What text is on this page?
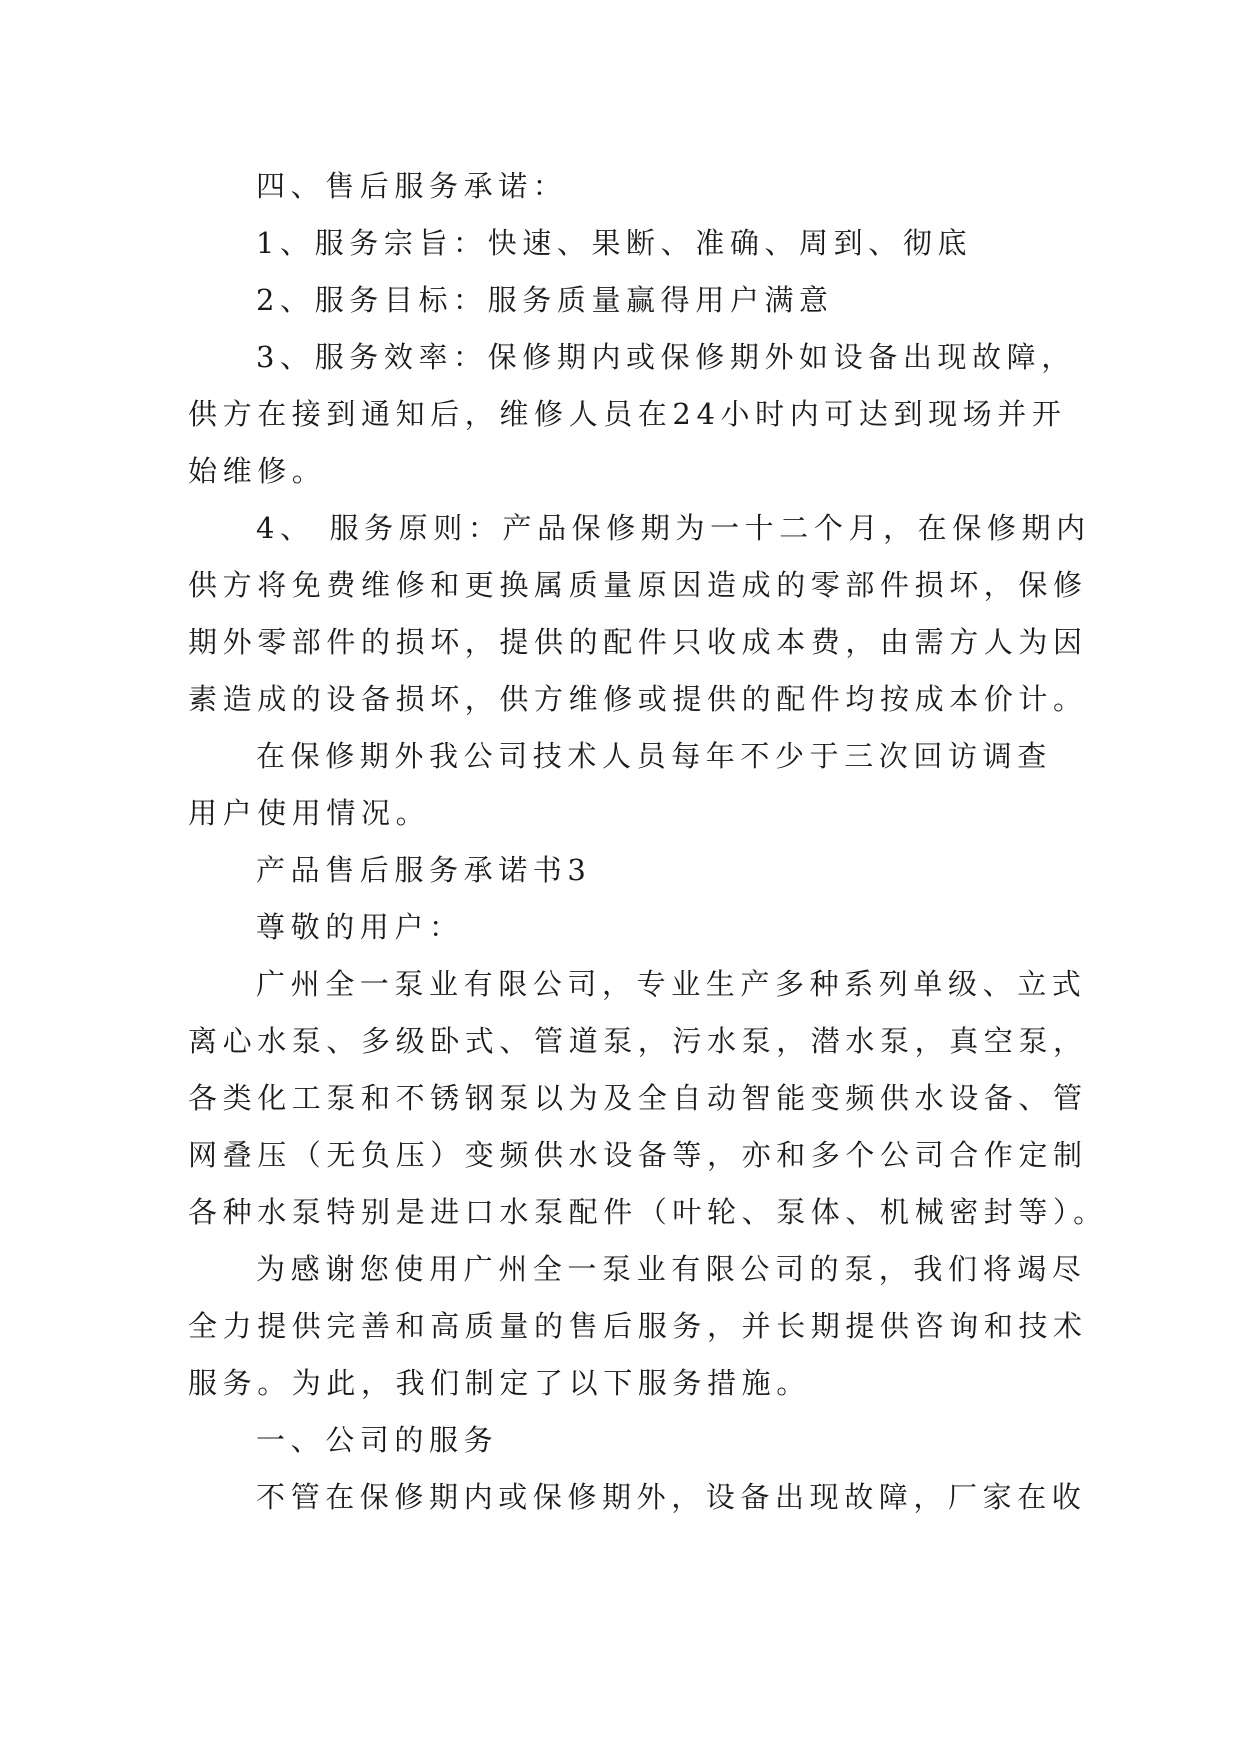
四、售后服务承诺：
1、服务宗旨：快速、果断、准确、周到、彻底
2、服务目标：服务质量赢得用户满意
3、服务效率：保修期内或保修期外如设备出现故障，
供方在接到通知后，维修人员在24小时内可达到现场并开
始维修。
4、 服务原则：产品保修期为一十二个月，在保修期内
供方将免费维修和更换属质量原因造成的零部件损坏，保修
期外零部件的损坏，提供的配件只收成本费，由需方人为因
素造成的设备损坏，供方维修或提供的配件均按成本价计。
在保修期外我公司技术人员每年不少于三次回访调查
用户使用情况。
产品售后服务承诺书3
尊敬的用户：
广州全一泵业有限公司，专业生产多种系列单级、立式
离心水泵、多级卧式、管道泵，污水泵，潜水泵，真空泵，
各类化工泵和不锈钢泵以为及全自动智能变频供水设备、管
网叠压（无负压）变频供水设备等，亦和多个公司合作定制
各种水泵特别是进口水泵配件（叶轮、泵体、机械密封等）。
为感谢您使用广州全一泵业有限公司的泵，我们将竭尽
全力提供完善和高质量的售后服务，并长期提供咨询和技术
服务。为此，我们制定了以下服务措施。
一、公司的服务
不管在保修期内或保修期外，设备出现故障，厂家在收
